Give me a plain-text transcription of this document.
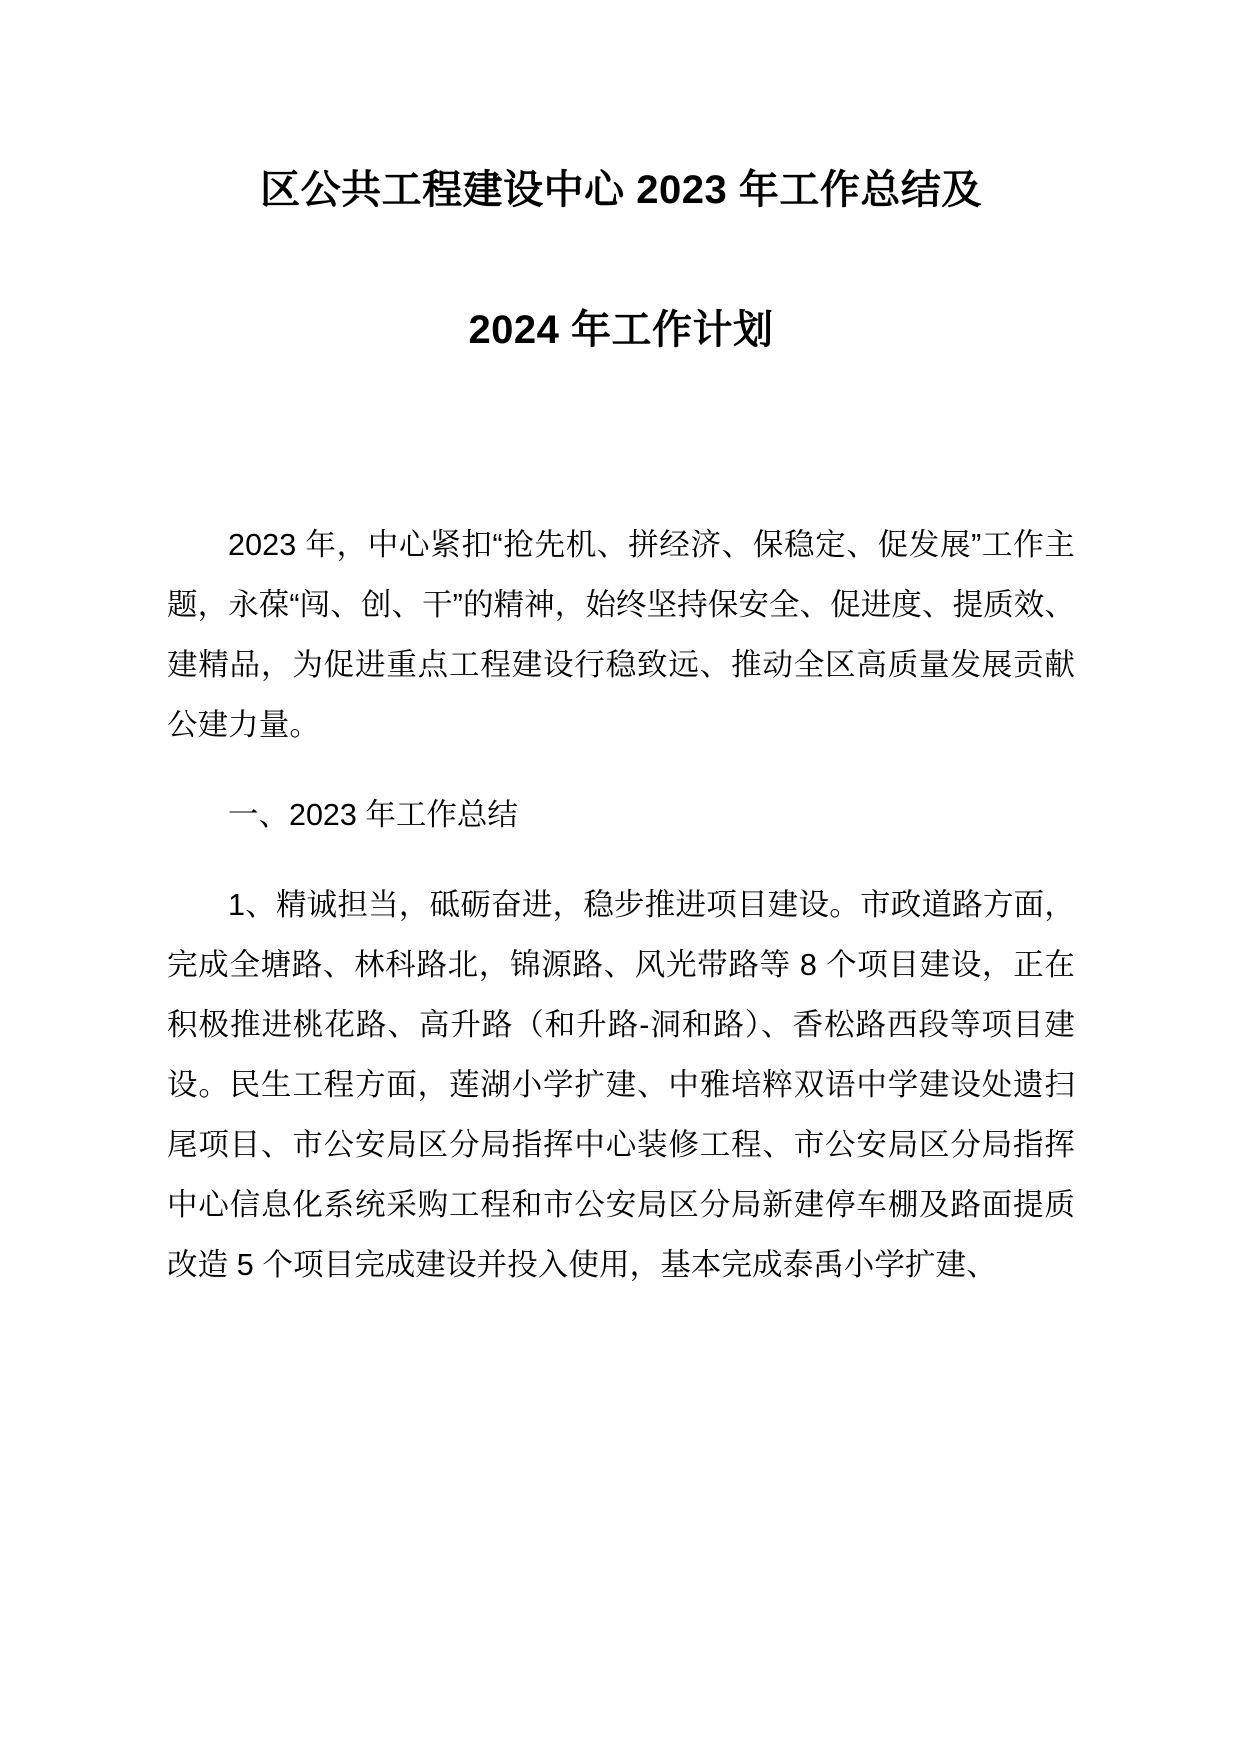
区公共工程建设中心 2023 年工作总结及
2024 年工作计划

2023 年，中心紧扣“抢先机、拼经济、保稳定、促发展”工作主题，永葆“闯、创、干”的精神，始终坚持保安全、促进度、提质效、建精品，为促进重点工程建设行稳致远、推动全区高质量发展贡献公建力量。

一、2023 年工作总结

1、精诚担当，砥砺奋进，稳步推进项目建设。市政道路方面，完成全塘路、林科路北，锦源路、风光带路等 8 个项目建设，正在积极推进桃花路、高升路（和升路-洞和路）、香松路西段等项目建设。民生工程方面，莲湖小学扩建、中雅培粹双语中学建设处遗扫尾项目、市公安局区分局指挥中心装修工程、市公安局区分局指挥中心信息化系统采购工程和市公安局区分局新建停车棚及路面提质改造 5 个项目完成建设并投入使用，基本完成泰禹小学扩建、
